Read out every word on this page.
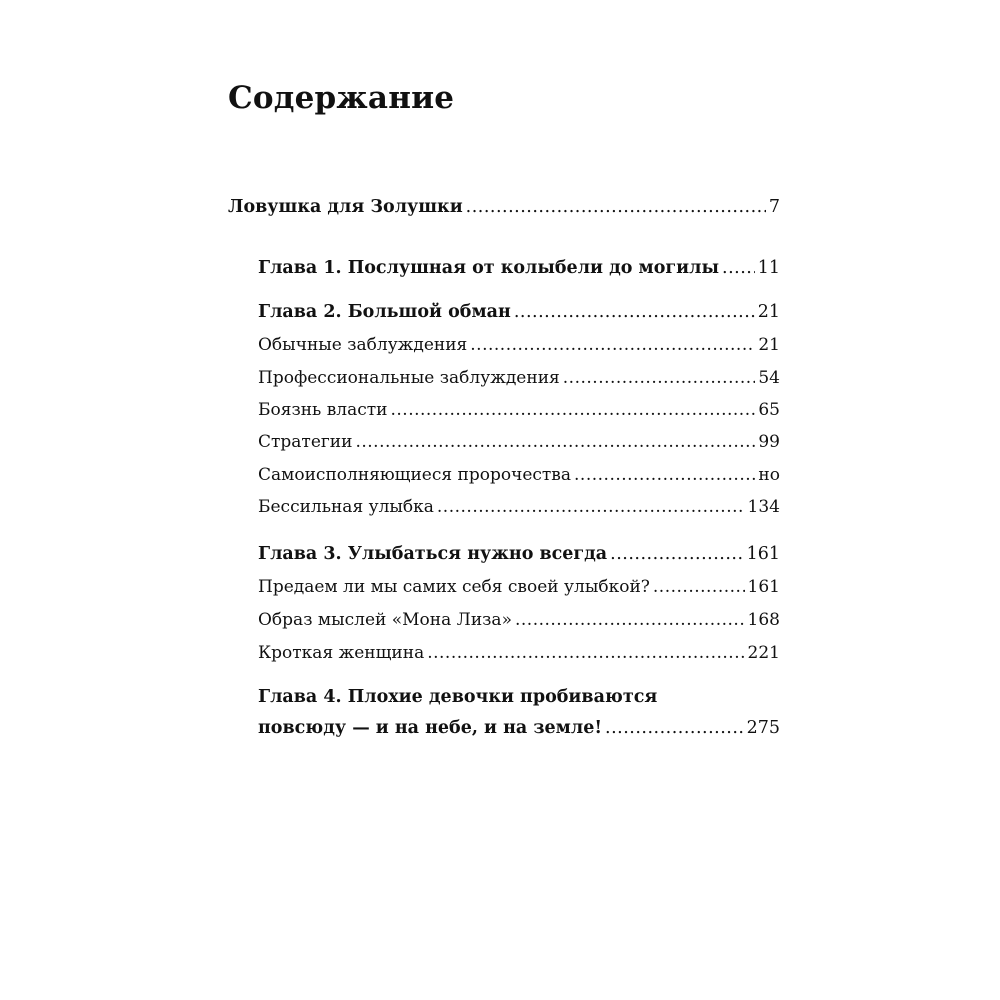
Содержание
Ловушка для Золушки .....	7
Глава 1. Послушная от колыбели до могилы ..... 11
Глава 2. Большой обман .....	21
Обычные заблуждения .....	21
Профессиональные заблуждения .....	54
Боязнь власти .....	65
Стратегии .....	99
Самоисполняющиеся пророчества .....	но
Бессильная улыбка .....	134
Глава 3. Улыбаться нужно всегда .....	161
Предаем ли мы самих себя своей улыбкой? .....	161
Образ мыслей «Мона Лиза» .....	168
Кроткая женщина .....	221
Глава 4. Плохие девочки пробиваются
повсюду — и на небе, и на земле! .....	275
